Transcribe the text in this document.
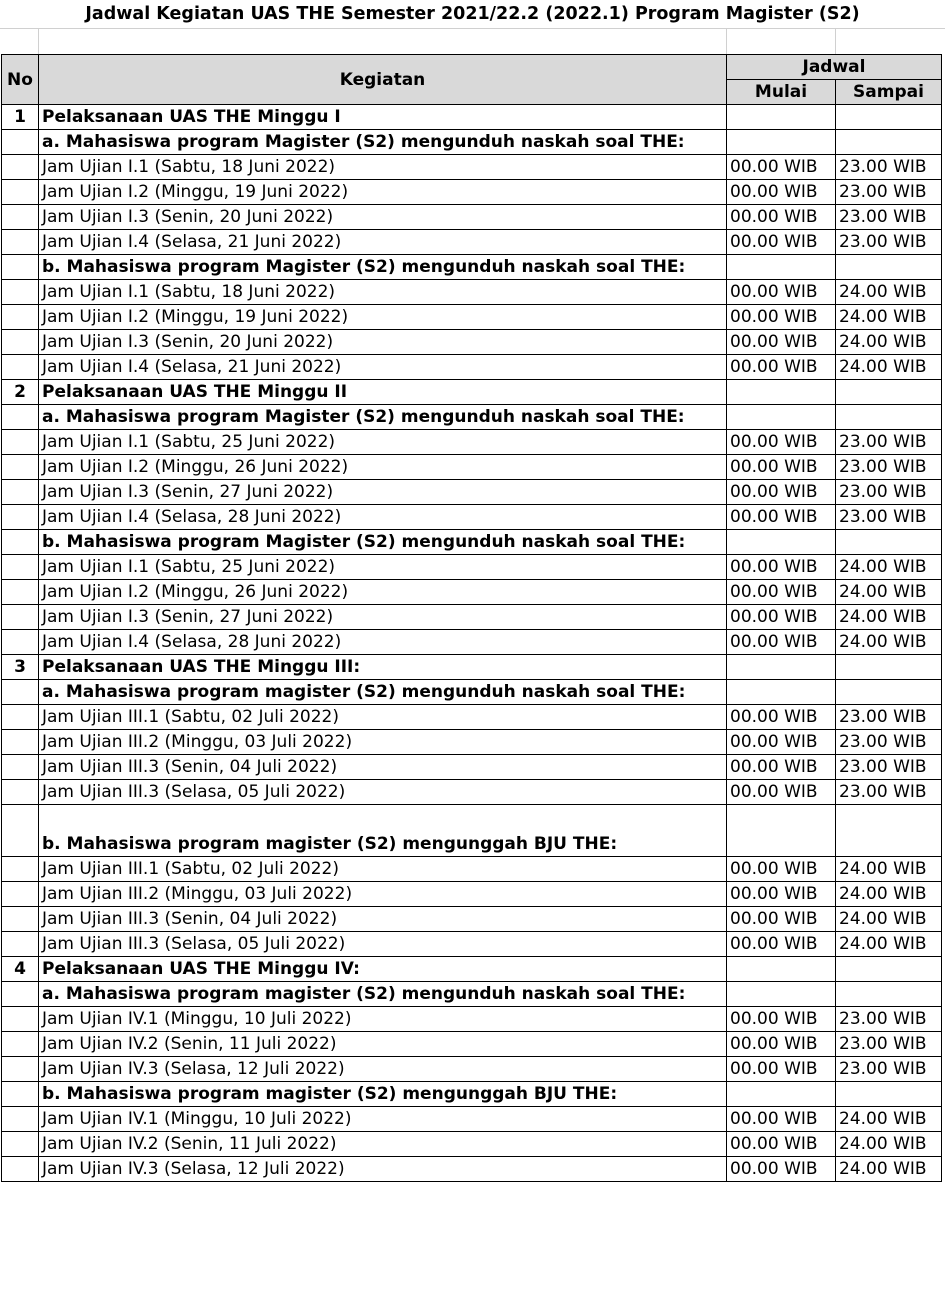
Jadwal Kegiatan UAS THE Semester 2021/22.2 (2022.1) Program Magister (S2)
No	Kegiatan	Jadwal	
		Mulai	Sampai
1	Pelaksanaan UAS THE Minggu I		
	a. Mahasiswa program Magister (S2) mengunduh naskah soal THE:		
	Jam Ujian I.1 (Sabtu, 18 Juni 2022)	00.00 WIB	23.00 WIB
	Jam Ujian I.2 (Minggu, 19 Juni 2022)	00.00 WIB	23.00 WIB
	Jam Ujian I.3 (Senin, 20 Juni 2022)	00.00 WIB	23.00 WIB
	Jam Ujian I.4 (Selasa, 21 Juni 2022)	00.00 WIB	23.00 WIB
	b. Mahasiswa program Magister (S2) mengunduh naskah soal THE:		
	Jam Ujian I.1 (Sabtu, 18 Juni 2022)	00.00 WIB	24.00 WIB
	Jam Ujian I.2 (Minggu, 19 Juni 2022)	00.00 WIB	24.00 WIB
	Jam Ujian I.3 (Senin, 20 Juni 2022)	00.00 WIB	24.00 WIB
	Jam Ujian I.4 (Selasa, 21 Juni 2022)	00.00 WIB	24.00 WIB
2	Pelaksanaan UAS THE Minggu II		
	a. Mahasiswa program Magister (S2) mengunduh naskah soal THE:		
	Jam Ujian I.1 (Sabtu, 25 Juni 2022)	00.00 WIB	23.00 WIB
	Jam Ujian I.2 (Minggu, 26 Juni 2022)	00.00 WIB	23.00 WIB
	Jam Ujian I.3 (Senin, 27 Juni 2022)	00.00 WIB	23.00 WIB
	Jam Ujian I.4 (Selasa, 28 Juni 2022)	00.00 WIB	23.00 WIB
	b. Mahasiswa program Magister (S2) mengunduh naskah soal THE:		
	Jam Ujian I.1 (Sabtu, 25 Juni 2022)	00.00 WIB	24.00 WIB
	Jam Ujian I.2 (Minggu, 26 Juni 2022)	00.00 WIB	24.00 WIB
	Jam Ujian I.3 (Senin, 27 Juni 2022)	00.00 WIB	24.00 WIB
	Jam Ujian I.4 (Selasa, 28 Juni 2022)	00.00 WIB	24.00 WIB
3	Pelaksanaan UAS THE Minggu III:		
	a. Mahasiswa program magister (S2) mengunduh naskah soal THE:		
	Jam Ujian III.1 (Sabtu, 02 Juli 2022)	00.00 WIB	23.00 WIB
	Jam Ujian III.2 (Minggu, 03 Juli 2022)	00.00 WIB	23.00 WIB
	Jam Ujian III.3 (Senin, 04 Juli 2022)	00.00 WIB	23.00 WIB
	Jam Ujian III.3 (Selasa, 05 Juli 2022)	00.00 WIB	23.00 WIB
	b. Mahasiswa program magister (S2) mengunggah BJU THE:		
	Jam Ujian III.1 (Sabtu, 02 Juli 2022)	00.00 WIB	24.00 WIB
	Jam Ujian III.2 (Minggu, 03 Juli 2022)	00.00 WIB	24.00 WIB
	Jam Ujian III.3 (Senin, 04 Juli 2022)	00.00 WIB	24.00 WIB
	Jam Ujian III.3 (Selasa, 05 Juli 2022)	00.00 WIB	24.00 WIB
4	Pelaksanaan UAS THE Minggu IV:		
	a. Mahasiswa program magister (S2) mengunduh naskah soal THE:		
	Jam Ujian IV.1 (Minggu, 10 Juli 2022)	00.00 WIB	23.00 WIB
	Jam Ujian IV.2 (Senin, 11 Juli 2022)	00.00 WIB	23.00 WIB
	Jam Ujian IV.3 (Selasa, 12 Juli 2022)	00.00 WIB	23.00 WIB
	b. Mahasiswa program magister (S2) mengunggah BJU THE:		
	Jam Ujian IV.1 (Minggu, 10 Juli 2022)	00.00 WIB	24.00 WIB
	Jam Ujian IV.2 (Senin, 11 Juli 2022)	00.00 WIB	24.00 WIB
	Jam Ujian IV.3 (Selasa, 12 Juli 2022)	00.00 WIB	24.00 WIB
